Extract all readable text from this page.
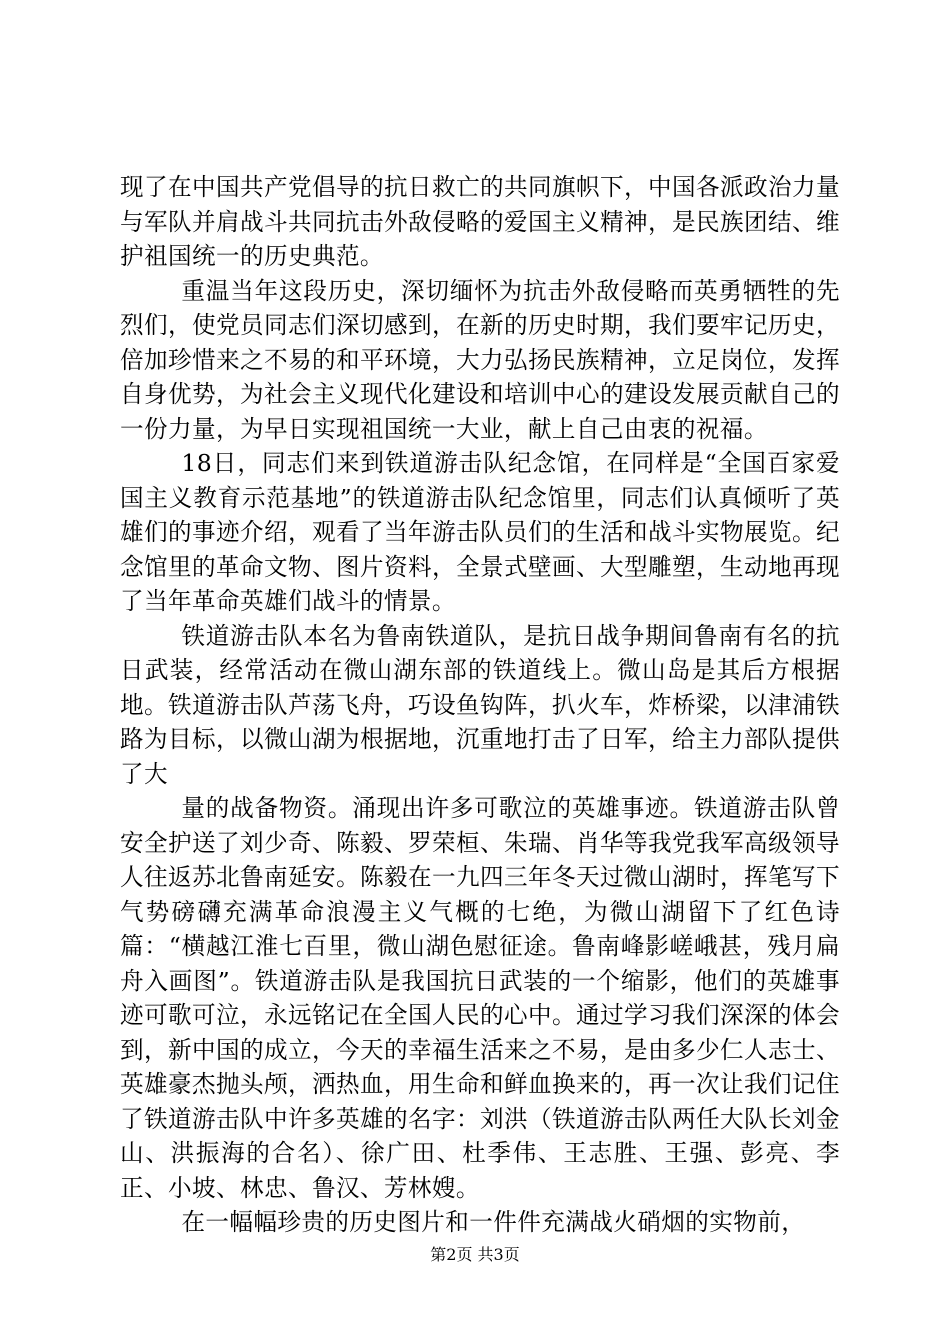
现了在中国共产党倡导的抗日救亡的共同旗帜下，中国各派政治力量与军队并肩战斗共同抗击外敌侵略的爱国主义精神，是民族团结、维护祖国统一的历史典范。

重温当年这段历史，深切缅怀为抗击外敌侵略而英勇牺牲的先烈们，使党员同志们深切感到，在新的历史时期，我们要牢记历史，倍加珍惜来之不易的和平环境，大力弘扬民族精神，立足岗位，发挥自身优势，为社会主义现代化建设和培训中心的建设发展贡献自己的一份力量，为早日实现祖国统一大业，献上自己由衷的祝福。

18日，同志们来到铁道游击队纪念馆，在同样是“全国百家爱国主义教育示范基地”的铁道游击队纪念馆里，同志们认真倾听了英雄们的事迹介绍，观看了当年游击队员们的生活和战斗实物展览。纪念馆里的革命文物、图片资料，全景式壁画、大型雕塑，生动地再现了当年革命英雄们战斗的情景。

铁道游击队本名为鲁南铁道队，是抗日战争期间鲁南有名的抗日武装，经常活动在微山湖东部的铁道线上。微山岛是其后方根据地。铁道游击队芦荡飞舟，巧设鱼钩阵，扒火车，炸桥梁，以津浦铁路为目标，以微山湖为根据地，沉重地打击了日军，给主力部队提供了大

量的战备物资。涌现出许多可歌泣的英雄事迹。铁道游击队曾安全护送了刘少奇、陈毅、罗荣桓、朱瑞、肖华等我党我军高级领导人往返苏北鲁南延安。陈毅在一九四三年冬天过微山湖时，挥笔写下气势磅礴充满革命浪漫主义气概的七绝，为微山湖留下了红色诗篇：“横越江淮七百里，微山湖色慰征途。鲁南峰影嵯峨甚，残月扁舟入画图”。铁道游击队是我国抗日武装的一个缩影，他们的英雄事迹可歌可泣，永远铭记在全国人民的心中。通过学习我们深深的体会到，新中国的成立，今天的幸福生活来之不易，是由多少仁人志士、英雄豪杰抛头颅，洒热血，用生命和鲜血换来的，再一次让我们记住了铁道游击队中许多英雄的名字：刘洪（铁道游击队两任大队长刘金山、洪振海的合名）、徐广田、杜季伟、王志胜、王强、彭亮、李正、小坡、林忠、鲁汉、芳林嫂。

在一幅幅珍贵的历史图片和一件件充满战火硝烟的实物前，

第2页 共3页
